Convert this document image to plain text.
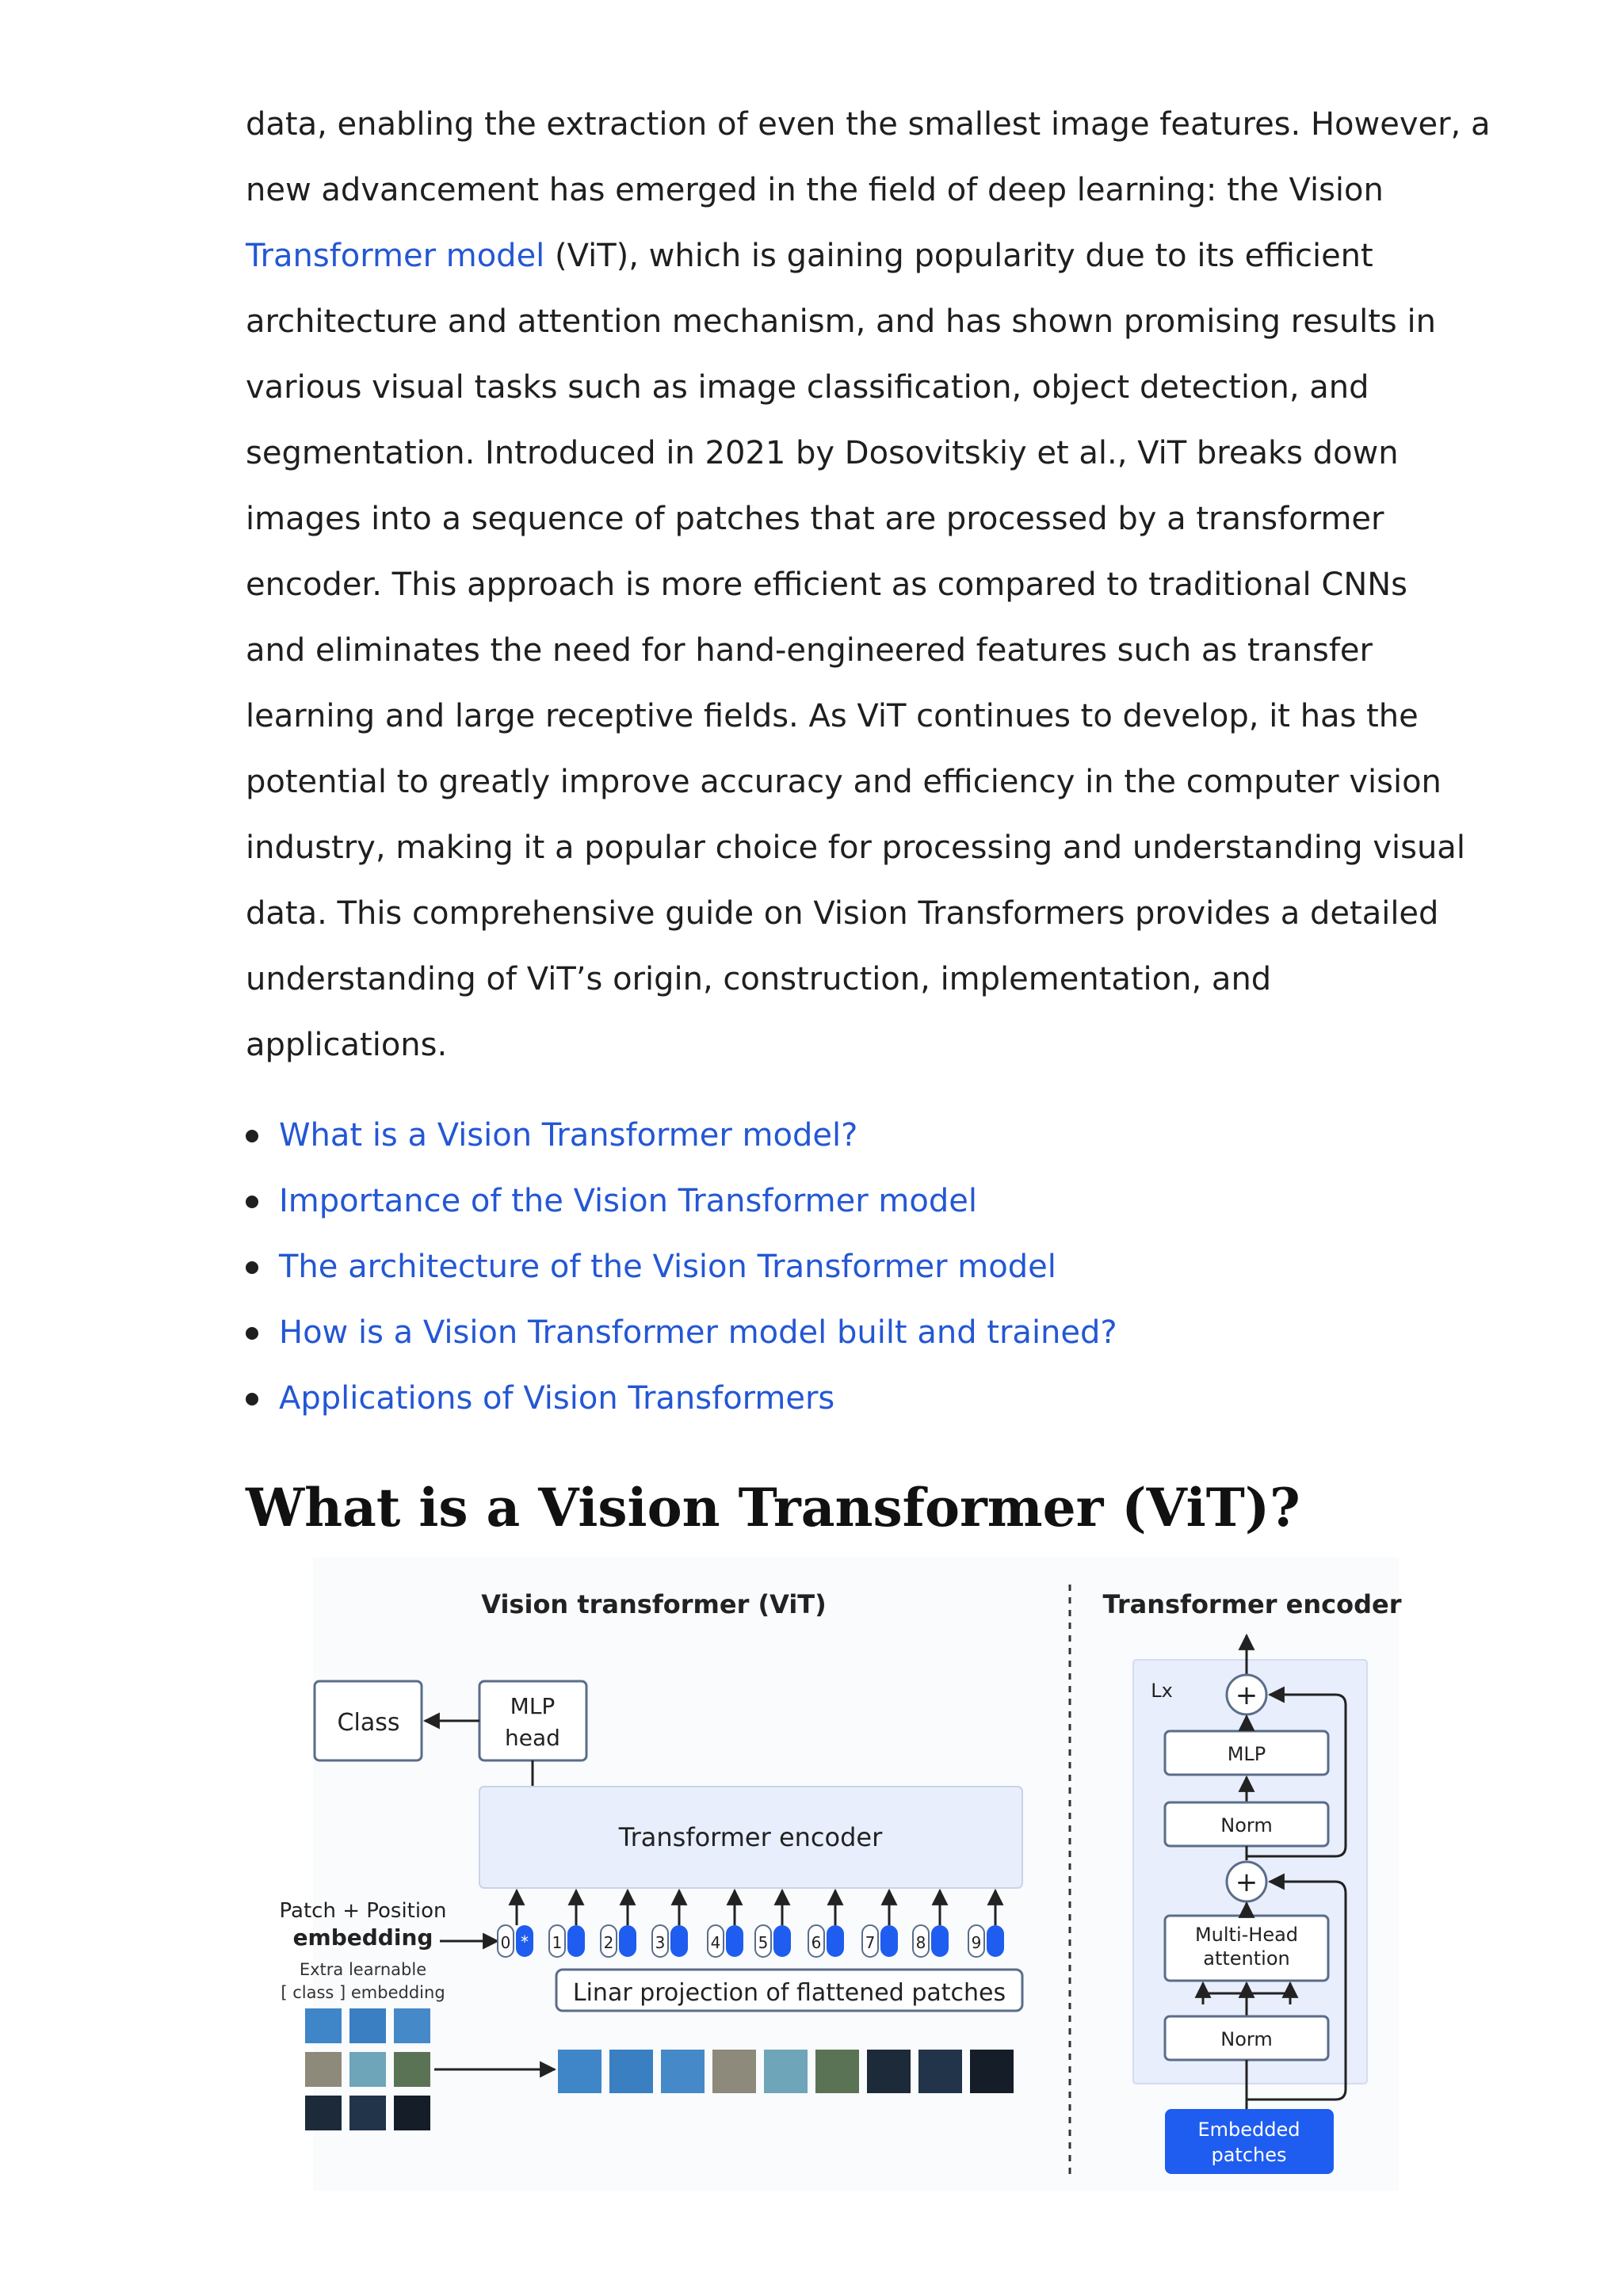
data, enabling the extraction of even the smallest image features. However, a
new advancement has emerged in the field of deep learning: the Vision
Transformer model (ViT), which is gaining popularity due to its efficient
architecture and attention mechanism, and has shown promising results in
various visual tasks such as image classification, object detection, and
segmentation. Introduced in 2021 by Dosovitskiy et al., ViT breaks down
images into a sequence of patches that are processed by a transformer
encoder. This approach is more efficient as compared to traditional CNNs
and eliminates the need for hand-engineered features such as transfer
learning and large receptive fields. As ViT continues to develop, it has the
potential to greatly improve accuracy and efficiency in the computer vision
industry, making it a popular choice for processing and understanding visual
data. This comprehensive guide on Vision Transformers provides a detailed
understanding of ViT’s origin, construction, implementation, and
applications.

What is a Vision Transformer model?
Importance of the Vision Transformer model
The architecture of the Vision Transformer model
How is a Vision Transformer model built and trained?
Applications of Vision Transformers
What is a Vision Transformer (ViT)?
Vision transformer (ViT)	Transformer encoder
Class
MLP
head
Transformer encoder
Patch + Position
embedding
Extra learnable
[ class ] embedding
0 * 1	2	3	4 5	6	7	8	9
Linar projection of flattened patches
Lx +
MLP
Norm
+
Multi-Head
attention
Norm
Embedded
patches
